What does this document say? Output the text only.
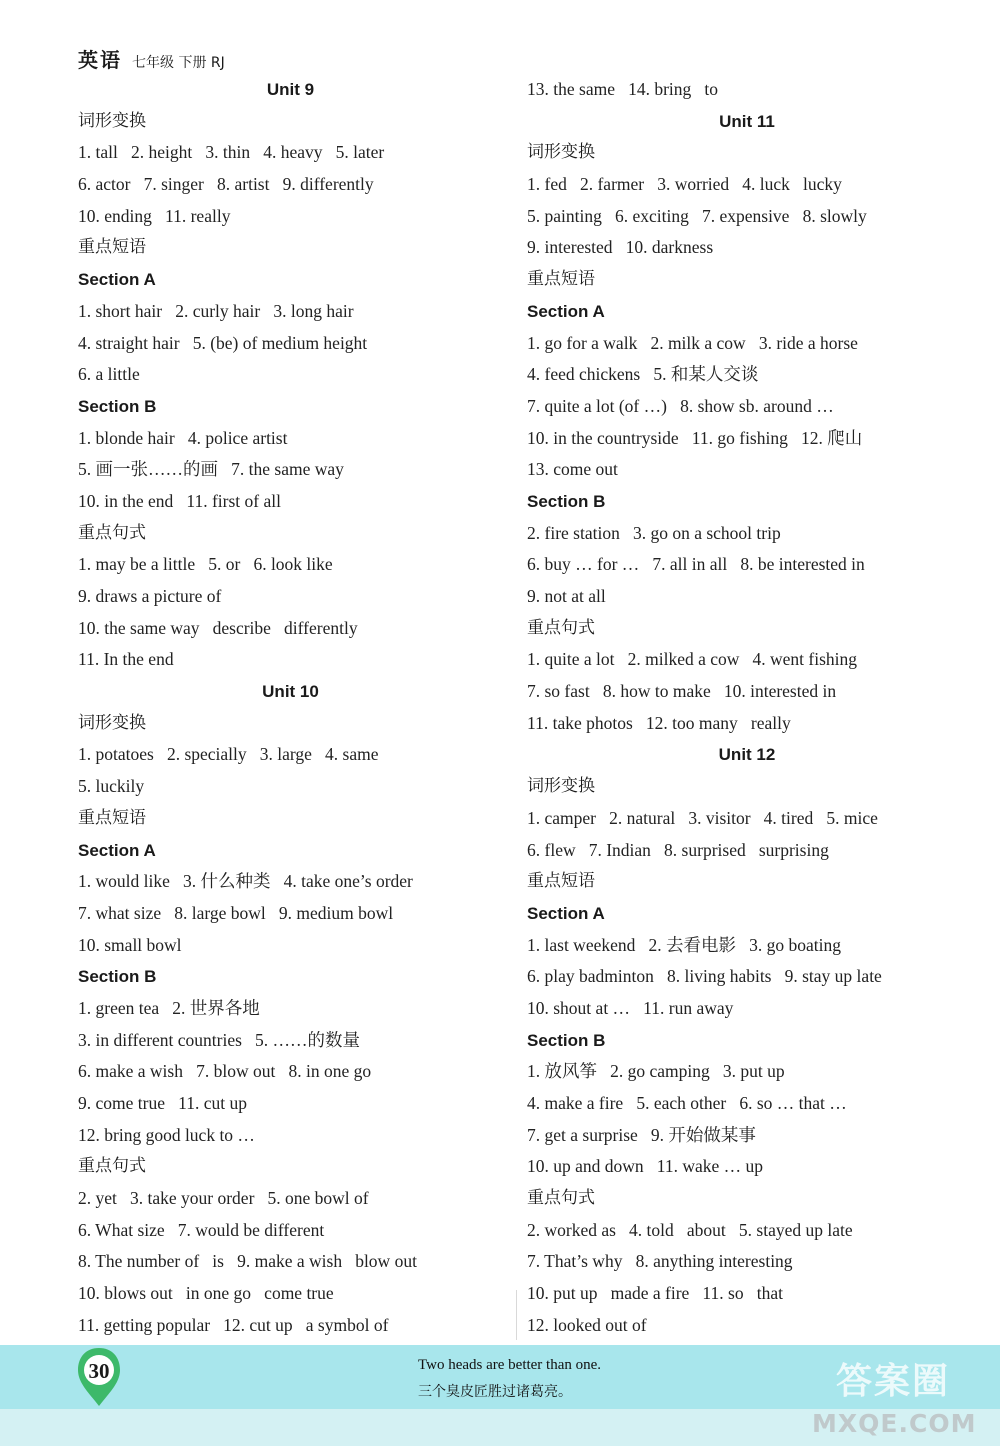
英语 七年级 下册 RJ
Unit 9
词形变换
1. tall   2. height   3. thin   4. heavy   5. later
6. actor   7. singer   8. artist   9. differently
10. ending   11. really
重点短语
Section A
1. short hair   2. curly hair   3. long hair
4. straight hair   5. (be) of medium height
6. a little
Section B
1. blonde hair   4. police artist
5. 画一张……的画   7. the same way
10. in the end   11. first of all
重点句式
1. may be a little   5. or   6. look like
9. draws a picture of
10. the same way   describe   differently
11. In the end
Unit 10
词形变换
1. potatoes   2. specially   3. large   4. same
5. luckily
重点短语
Section A
1. would like   3. 什么种类   4. take one’s order
7. what size   8. large bowl   9. medium bowl
10. small bowl
Section B
1. green tea   2. 世界各地
3. in different countries   5. ……的数量
6. make a wish   7. blow out   8. in one go
9. come true   11. cut up
12. bring good luck to …
重点句式
2. yet   3. take your order   5. one bowl of
6. What size   7. would be different
8. The number of   is   9. make a wish   blow out
10. blows out   in one go   come true
11. getting popular   12. cut up   a symbol of
13. the same   14. bring   to
Unit 11
词形变换
1. fed   2. farmer   3. worried   4. luck   lucky
5. painting   6. exciting   7. expensive   8. slowly
9. interested   10. darkness
重点短语
Section A
1. go for a walk   2. milk a cow   3. ride a horse
4. feed chickens   5. 和某人交谈
7. quite a lot (of …)   8. show sb. around …
10. in the countryside   11. go fishing   12. 爬山
13. come out
Section B
2. fire station   3. go on a school trip
6. buy … for …   7. all in all   8. be interested in
9. not at all
重点句式
1. quite a lot   2. milked a cow   4. went fishing
7. so fast   8. how to make   10. interested in
11. take photos   12. too many   really
Unit 12
词形变换
1. camper   2. natural   3. visitor   4. tired   5. mice
6. flew   7. Indian   8. surprised   surprising
重点短语
Section A
1. last weekend   2. 去看电影   3. go boating
6. play badminton   8. living habits   9. stay up late
10. shout at …   11. run away
Section B
1. 放风筝   2. go camping   3. put up
4. make a fire   5. each other   6. so … that …
7. get a surprise   9. 开始做某事
10. up and down   11. wake … up
重点句式
2. worked as   4. told   about   5. stayed up late
7. That’s why   8. anything interesting
10. put up   made a fire   11. so   that
12. looked out of
30	Two heads are better than one.
三个臭皮匠胜过诸葛亮。	答案圈
MXQE.COM
